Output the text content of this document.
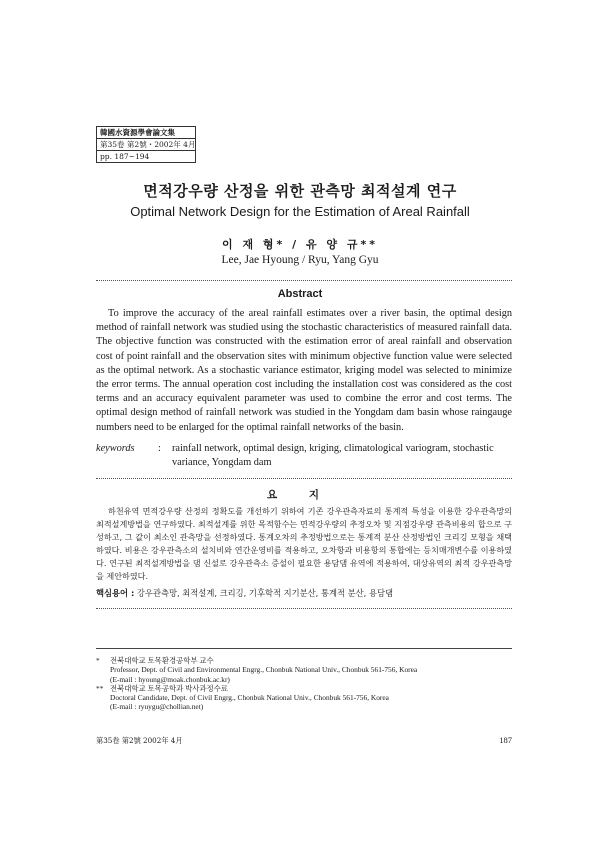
韓國水資源學會論文集
第35卷 第2號・2002年 4月
pp. 187~194
면적강우량 산정을 위한 관측망 최적설계 연구
Optimal Network Design for the Estimation of Areal Rainfall
이 재 형* / 유 양 규**
Lee, Jae Hyoung / Ryu, Yang Gyu
Abstract

To improve the accuracy of the areal rainfall estimates over a river basin, the optimal design method of rainfall network was studied using the stochastic characteristics of measured rainfall data. The objective function was constructed with the estimation error of areal rainfall and observation cost of point rainfall and the observation sites with minimum objective function value were selected as the optimal network. As a stochastic variance estimator, kriging model was selected to minimize the error terms. The annual operation cost including the installation cost was considered as the cost terms and an accuracy equivalent parameter was used to combine the error and cost terms. The optimal design method of rainfall network was studied in the Yongdam dam basin whose raingauge numbers need to be enlarged for the optimal rainfall networks of the basin.

keywords	:	rainfall network, optimal design, kriging, climatological variogram, stochastic variance, Yongdam dam
요 지

하천유역 면적강우량 산정의 정확도를 개선하기 위하여 기존 강우관측자료의 통계적 특성을 이용한 강우관측망의 최적설계방법을 연구하였다. 최적설계를 위한 목적함수는 면적강우량의 추정오차 및 지점강우량 관측비용의 합으로 구성하고, 그 값이 최소인 관측망을 선정하였다. 통계오차의 추정방법으로는 통계적 분산 산정방법인 크리깅 모형을 채택하였다. 비용은 강우관측소의 설치비와 연간운영비를 적용하고, 오차항과 비용항의 통합에는 등치매개변수를 이용하였다. 연구된 최적설계방법을 댐 신설로 강우관측소 증설이 필요한 용담댐 유역에 적용하여, 대상유역의 최적 강우관측망을 제안하였다.

핵심용어 : 강우관측망, 최적설계, 크리깅, 기후학적 지기분산, 통계적 분산, 용담댐
*	전북대학교 토목환경공학부 교수
Professor, Dept. of Civil and Environmental Engrg., Chonbuk National Univ., Chonbuk 561-756, Korea
(E-mail : hyoung@moak.chonbuk.ac.kr)
** 전북대학교 토목공학과 박사과정수료
Doctoral Candidate, Dept. of Civil Engrg., Chonbuk National Univ., Chonbuk 561-756, Korea
(E-mail : ryuygu@chollian.net)
第35卷 第2號 2002年 4月	187
